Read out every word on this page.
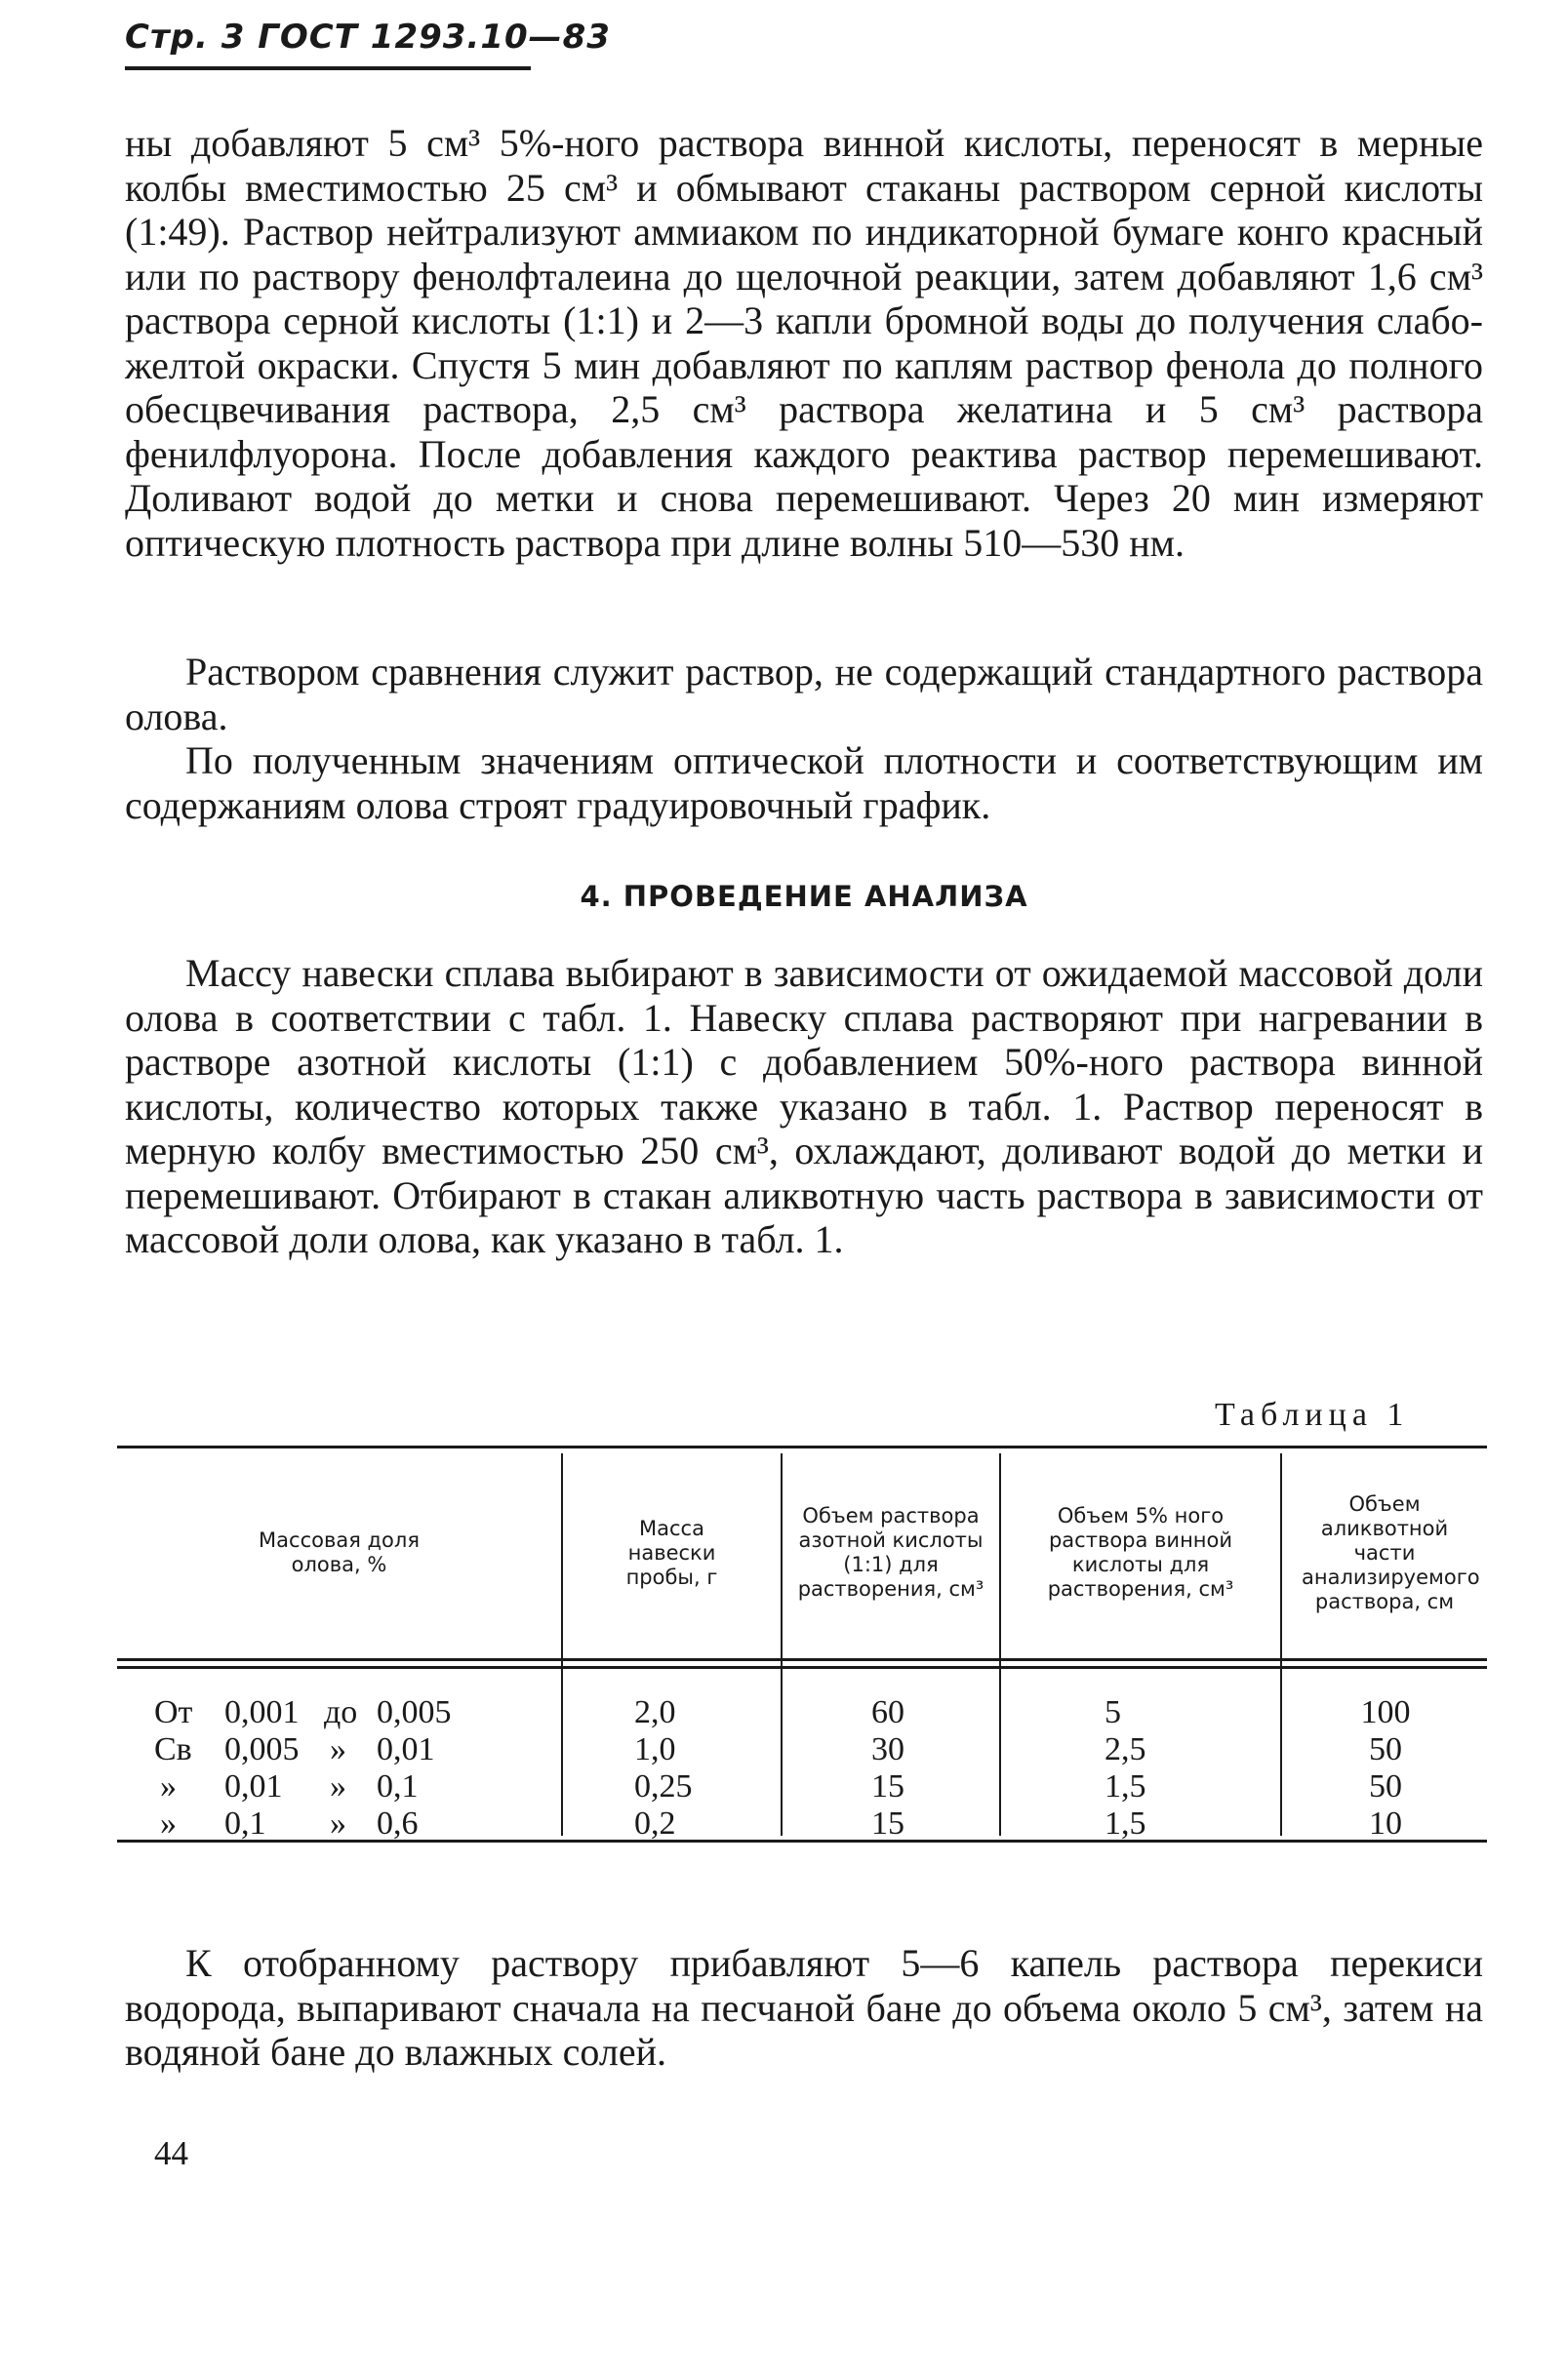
Стр. 3 ГОСТ 1293.10—83

ны добавляют 5 см³ 5%-ного раствора винной кислоты, переносят в мерные колбы вместимостью 25 см³ и обмывают стаканы раствором серной кислоты (1:49). Раствор нейтрализуют аммиаком по индикаторной бумаге конго красный или по раствору фенолфталеина до щелочной реакции, затем добавляют 1,6 см³ раствора серной кислоты (1:1) и 2—3 капли бромной воды до получения слабо-желтой окраски. Спустя 5 мин добавляют по каплям раствор фенола до полного обесцвечивания раствора, 2,5 см³ раствора желатина и 5 см³ раствора фенилфлуорона. После добавления каждого реактива раствор перемешивают. Доливают водой до метки и снова перемешивают. Через 20 мин измеряют оптическую плотность раствора при длине волны 510—530 нм.

Раствором сравнения служит раствор, не содержащий стандартного раствора олова.

По полученным значениям оптической плотности и соответствующим им содержаниям олова строят градуировочный график.

4. ПРОВЕДЕНИЕ АНАЛИЗА

Массу навески сплава выбирают в зависимости от ожидаемой массовой доли олова в соответствии с табл. 1. Навеску сплава растворяют при нагревании в растворе азотной кислоты (1:1) с добавлением 50%-ного раствора винной кислоты, количество которых также указано в табл. 1. Раствор переносят в мерную колбу вместимостью 250 см³, охлаждают, доливают водой до метки и перемешивают. Отбирают в стакан аликвотную часть раствора в зависимости от массовой доли олова, как указано в табл. 1.

Таблица 1
Массовая доля олова, %
Масса навески пробы, г
Объем раствора азотной кислоты (1:1) для растворения, см³
Объем 5% ного раствора винной кислоты для растворения, см³
Объем аликвотной части анализируемого раствора, см
От
Св
»
»
0,001
0,005
0,01
0,1
до
»
»
»
0,005
0,01
0,1
0,6
2,0
1,0
0,25
0,2
60
30
15
15
5
2,5
1,5
1,5
100
50
50
10

К отобранному раствору прибавляют 5—6 капель раствора перекиси водорода, выпаривают сначала на песчаной бане до объема около 5 см³, затем на водяной бане до влажных солей.

44
